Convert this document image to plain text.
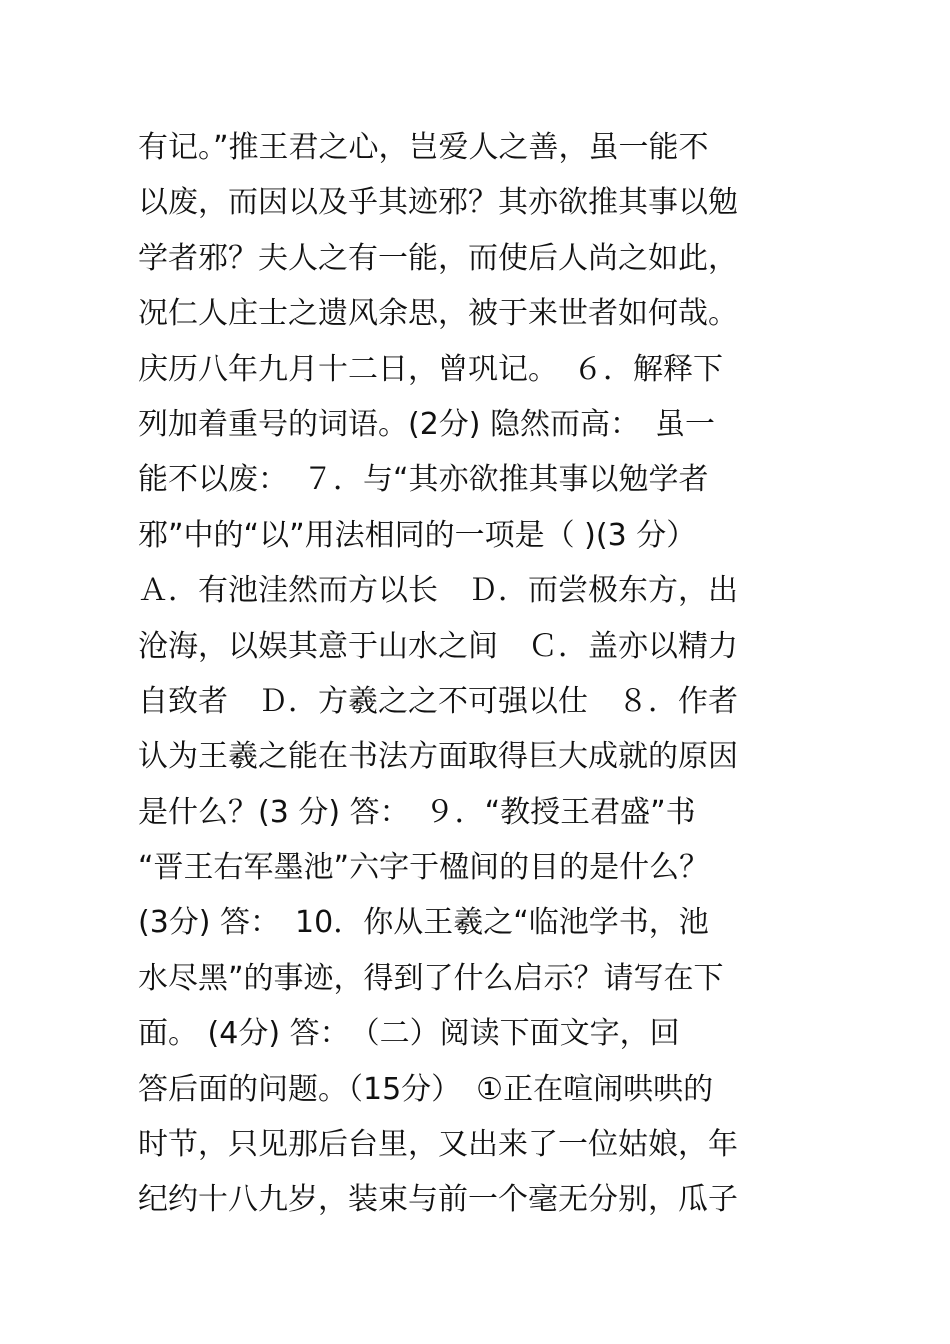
有记。”推王君之心，岂爱人之善，虽一能不
以废，而因以及乎其迹邪？其亦欲推其事以勉
学者邪？夫人之有一能，而使后人尚之如此，
况仁人庄士之遗风余思，被于来世者如何哉。
庆历八年九月十二日，曾巩记。　６．解释下
列加着重号的词语。(2分) 隐然而高：　虽一
能不以废：　７．与“其亦欲推其事以勉学者
邪”中的“以”用法相同的一项是（ )(3 分）
Ａ．有池洼然而方以长　Ｄ．而尝极东方，出
沧海，以娱其意于山水之间　Ｃ．盖亦以精力
自致者　Ｄ．方羲之之不可强以仕　８．作者
认为王羲之能在书法方面取得巨大成就的原因
是什么？(3 分) 答：　９．“教授王君盛”书
“晋王右军墨池”六字于楹间的目的是什么？
(3分) 答：　10．你从王羲之“临池学书，池
水尽黑”的事迹，得到了什么启示？请写在下
面。 (4分) 答：　（二）阅读下面文字，回
答后面的问题。（15分）　①正在喧闹哄哄的
时节，只见那后台里，又出来了一位姑娘，年
纪约十八九岁，装束与前一个毫无分别，瓜子
